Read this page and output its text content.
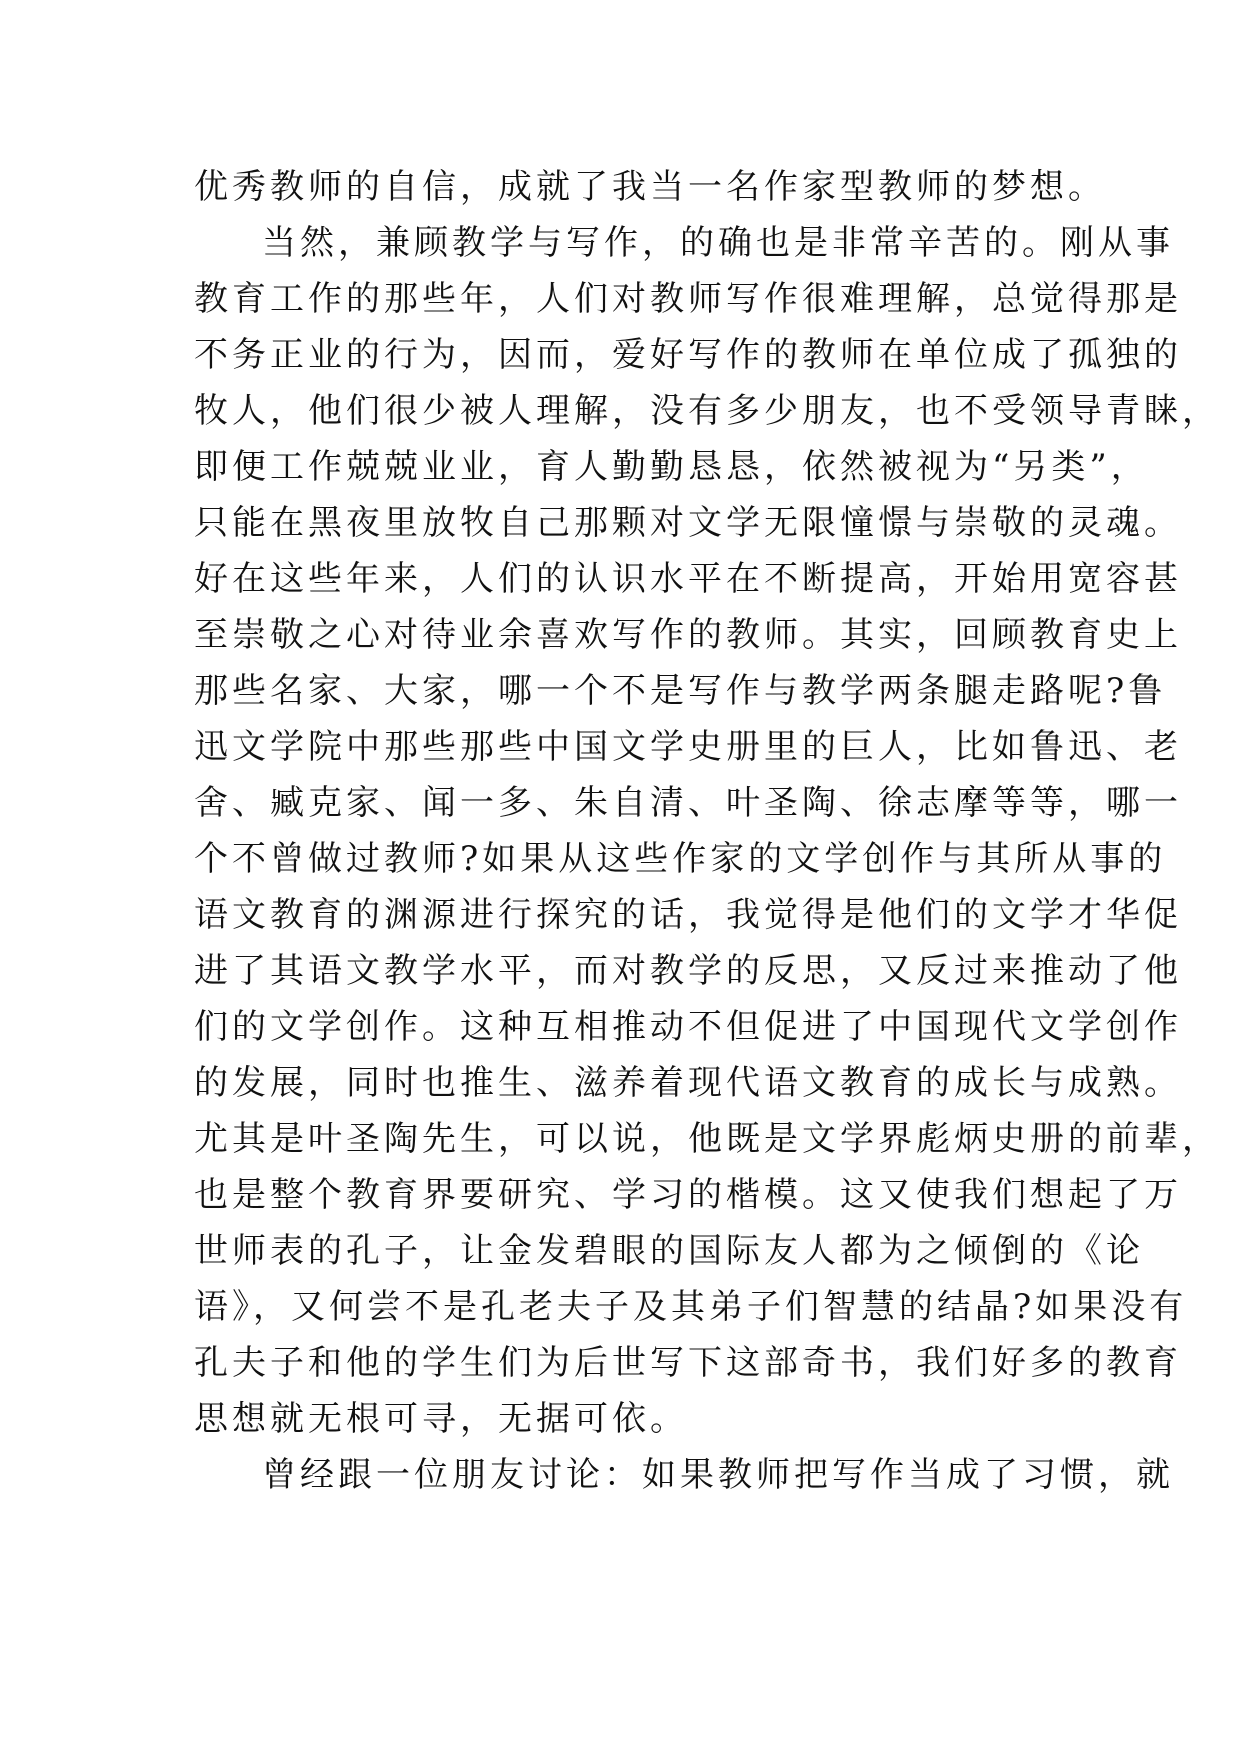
优秀教师的自信，成就了我当一名作家型教师的梦想。
当然，兼顾教学与写作，的确也是非常辛苦的。刚从事
教育工作的那些年，人们对教师写作很难理解，总觉得那是
不务正业的行为，因而，爱好写作的教师在单位成了孤独的
牧人，他们很少被人理解，没有多少朋友，也不受领导青睐，
即便工作兢兢业业，育人勤勤恳恳，依然被视为“另类”，
只能在黑夜里放牧自己那颗对文学无限憧憬与崇敬的灵魂。
好在这些年来，人们的认识水平在不断提高，开始用宽容甚
至崇敬之心对待业余喜欢写作的教师。其实，回顾教育史上
那些名家、大家，哪一个不是写作与教学两条腿走路呢?鲁
迅文学院中那些那些中国文学史册里的巨人，比如鲁迅、老
舍、臧克家、闻一多、朱自清、叶圣陶、徐志摩等等，哪一
个不曾做过教师?如果从这些作家的文学创作与其所从事的
语文教育的渊源进行探究的话，我觉得是他们的文学才华促
进了其语文教学水平，而对教学的反思，又反过来推动了他
们的文学创作。这种互相推动不但促进了中国现代文学创作
的发展，同时也推生、滋养着现代语文教育的成长与成熟。
尤其是叶圣陶先生，可以说，他既是文学界彪炳史册的前辈，
也是整个教育界要研究、学习的楷模。这又使我们想起了万
世师表的孔子，让金发碧眼的国际友人都为之倾倒的《论
语》，又何尝不是孔老夫子及其弟子们智慧的结晶?如果没有
孔夫子和他的学生们为后世写下这部奇书，我们好多的教育
思想就无根可寻，无据可依。
曾经跟一位朋友讨论：如果教师把写作当成了习惯，就
